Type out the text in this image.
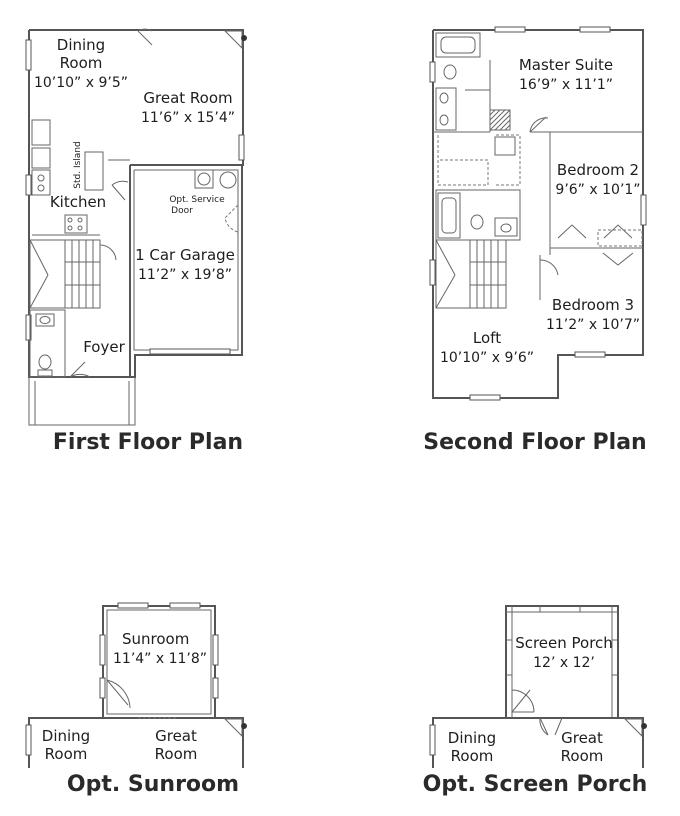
Dining
Room
10’10” x 9’5”
Great Room
11’6” x 15’4”
Std. Island
Kitchen	Opt. Service
Door
1 Car Garage
11’2” x 19’8”
Foyer
First Floor Plan
Master Suite
16’9” x 11’1”
Bedroom 2
9’6” x 10’1”
Bedroom 3
11’2” x 10’7”
Loft
10’10” x 9’6”
Second Floor Plan
Sunroom
11’4” x 11’8”
Dining
Room
Great
Room
Opt. Sunroom
Screen Porch
12’ x 12’
Dining
Room
Great
Room
Opt. Screen Porch
